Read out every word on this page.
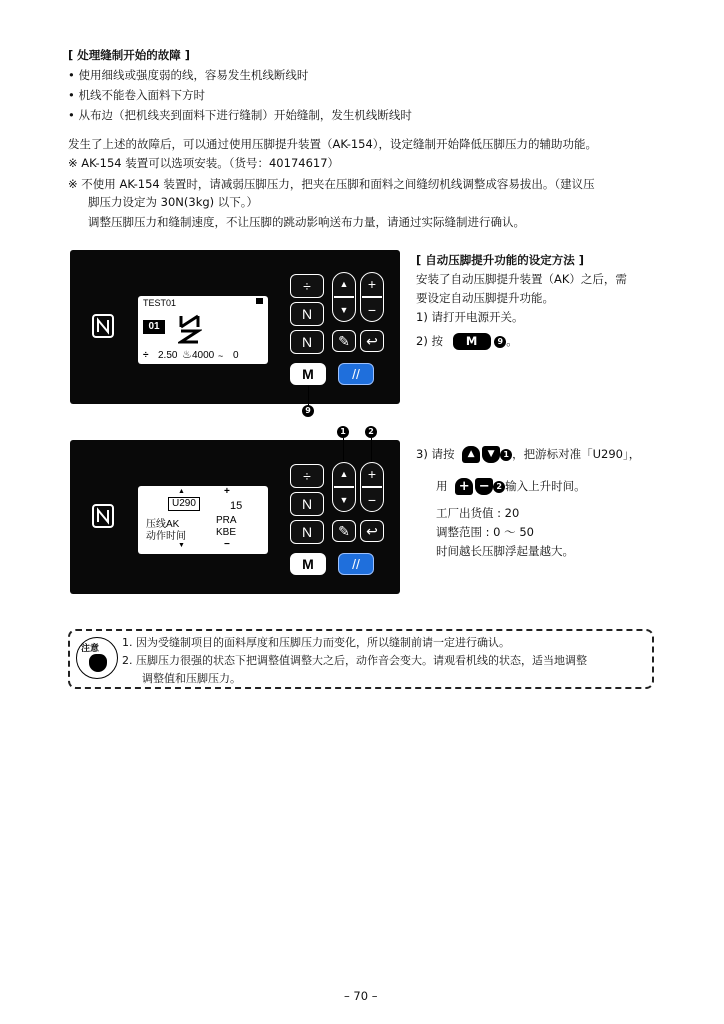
[ 处理缝制开始的故障 ]
• 使用细线或强度弱的线，容易发生机线断线时
• 机线不能卷入面料下方时
• 从布边（把机线夹到面料下进行缝制）开始缝制，发生机线断线时
发生了上述的故障后，可以通过使用压脚提升装置（AK-154），设定缝制开始降低压脚压力的辅助功能。
※ AK-154 装置可以选项安装。（货号：40174617）
※ 不使用 AK-154 装置时，请减弱压脚压力，把夹在压脚和面料之间缝纫机线调整成容易拔出。（建议压
脚压力设定为 30N(3kg) 以下。）
调整压脚压力和缝制速度，不让压脚的跳动影响送布力量，请通过实际缝制进行确认。
TEST01
01
÷ 2.50 ♨ 4000 ~ 0
÷
N
N
M
▲
▼
+
−
✎ ↩
//
9
[ 自动压脚提升功能的设定方法 ]
安装了自动压脚提升装置（AK）之后，需
要设定自动压脚提升功能。
1) 请打开电源开关。
2) 按 M	9 。
▲	+
U290	15
压线AK	PRA
动作时间	KBE
▼	−
÷
N
N
M
▲
▼
+
−
✎ ↩
//
1	2
3) 请按 ▲ ▼ 1 ，把游标对准「U290」，
用 + − 2 输入上升时间。
工厂出货值 : 20
调整范围 : 0 ～ 50
时间越长压脚浮起量越大。
注意 1. 因为受缝制项目的面料厚度和压脚压力而变化，所以缝制前请一定进行确认。
2. 压脚压力很强的状态下把调整值调整大之后，动作音会变大。请观看机线的状态，适当地调整
调整值和压脚压力。
– 70 –
